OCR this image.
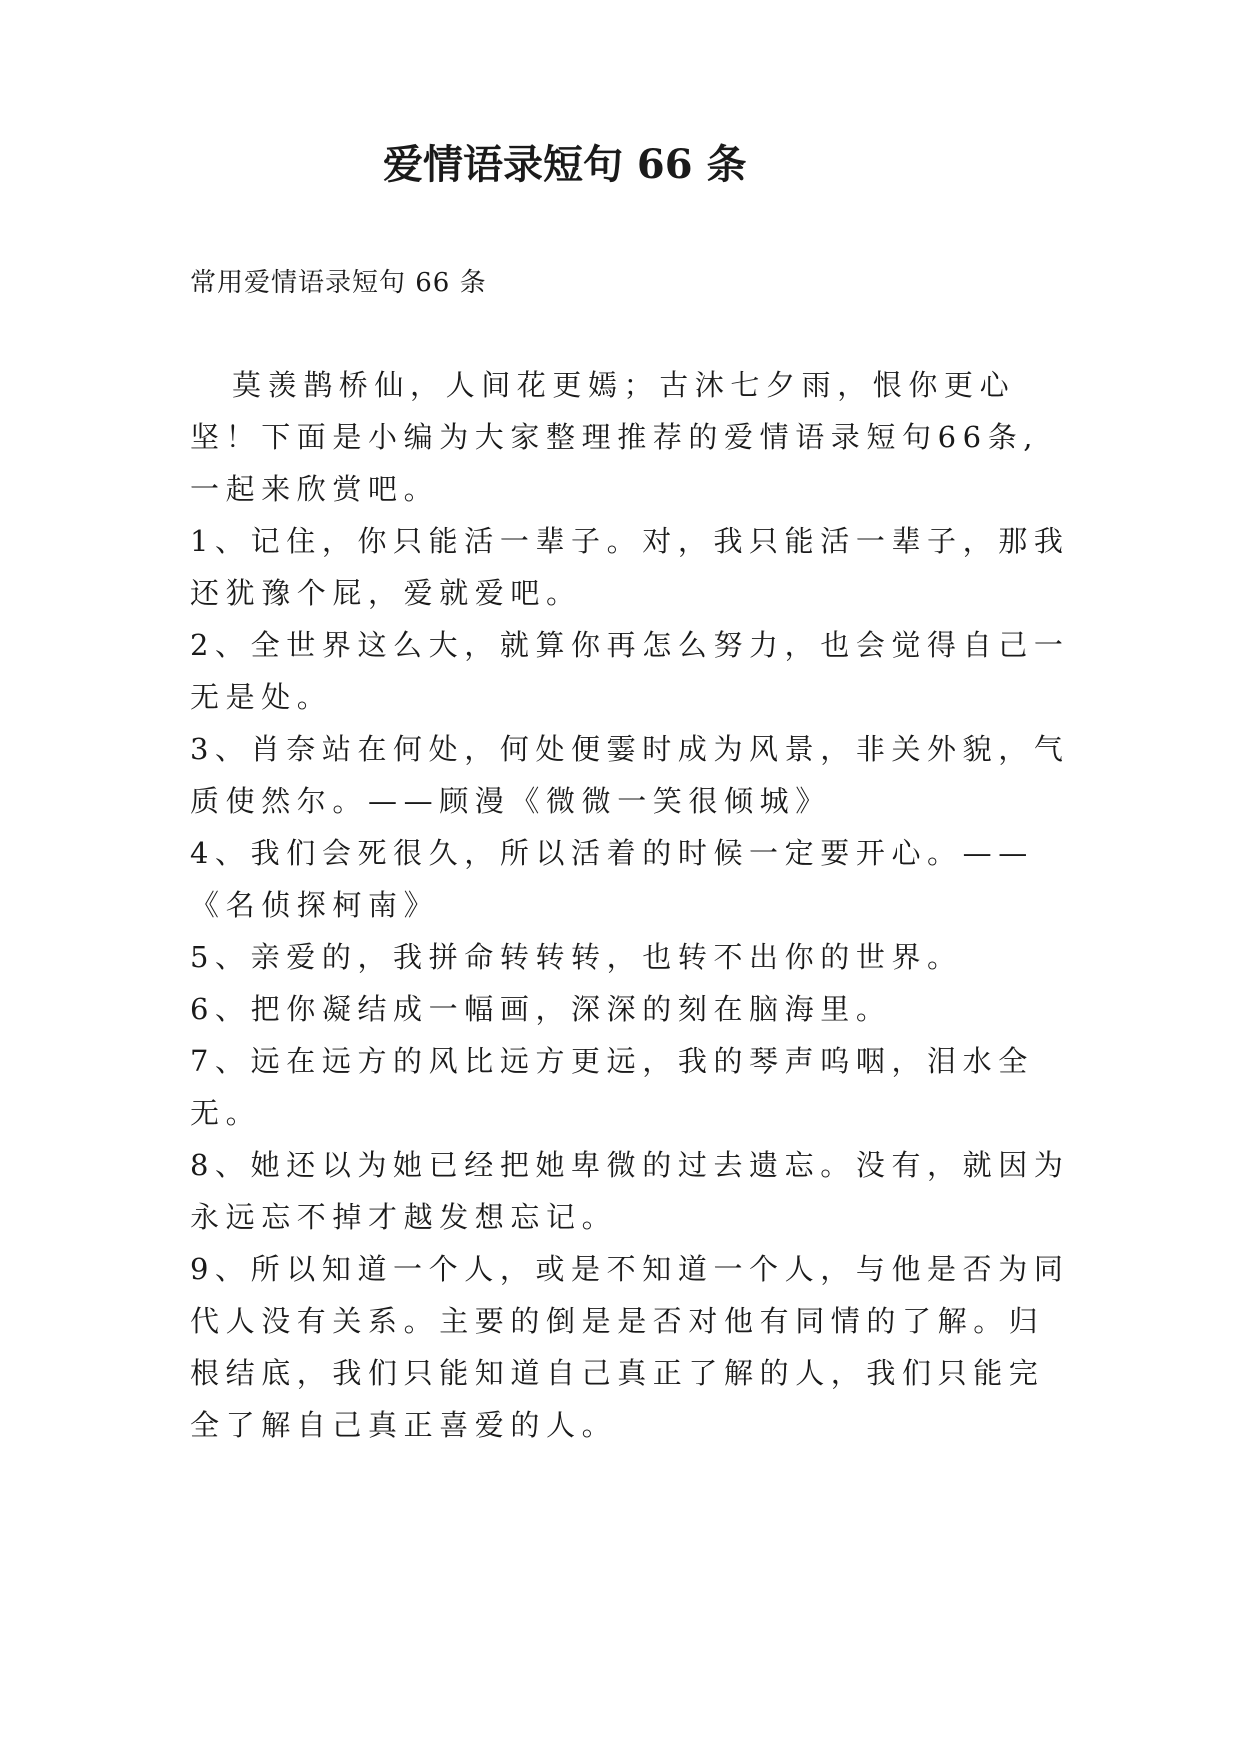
爱情语录短句 66 条

常用爱情语录短句 66 条

莫羡鹊桥仙，人间花更嫣；古沐七夕雨，恨你更心坚！下面是小编为大家整理推荐的爱情语录短句66条,一起来欣赏吧。

1、记住，你只能活一辈子。对，我只能活一辈子，那我还犹豫个屁，爱就爱吧。

2、全世界这么大，就算你再怎么努力，也会觉得自己一无是处。

3、肖奈站在何处，何处便霎时成为风景，非关外貌，气质使然尔。——顾漫《微微一笑很倾城》

4、我们会死很久，所以活着的时候一定要开心。——《名侦探柯南》

5、亲爱的，我拼命转转转，也转不出你的世界。

6、把你凝结成一幅画，深深的刻在脑海里。

7、远在远方的风比远方更远，我的琴声呜咽，泪水全无。

8、她还以为她已经把她卑微的过去遗忘。没有，就因为永远忘不掉才越发想忘记。

9、所以知道一个人，或是不知道一个人，与他是否为同代人没有关系。主要的倒是是否对他有同情的了解。归根结底，我们只能知道自己真正了解的人，我们只能完全了解自己真正喜爱的人。
